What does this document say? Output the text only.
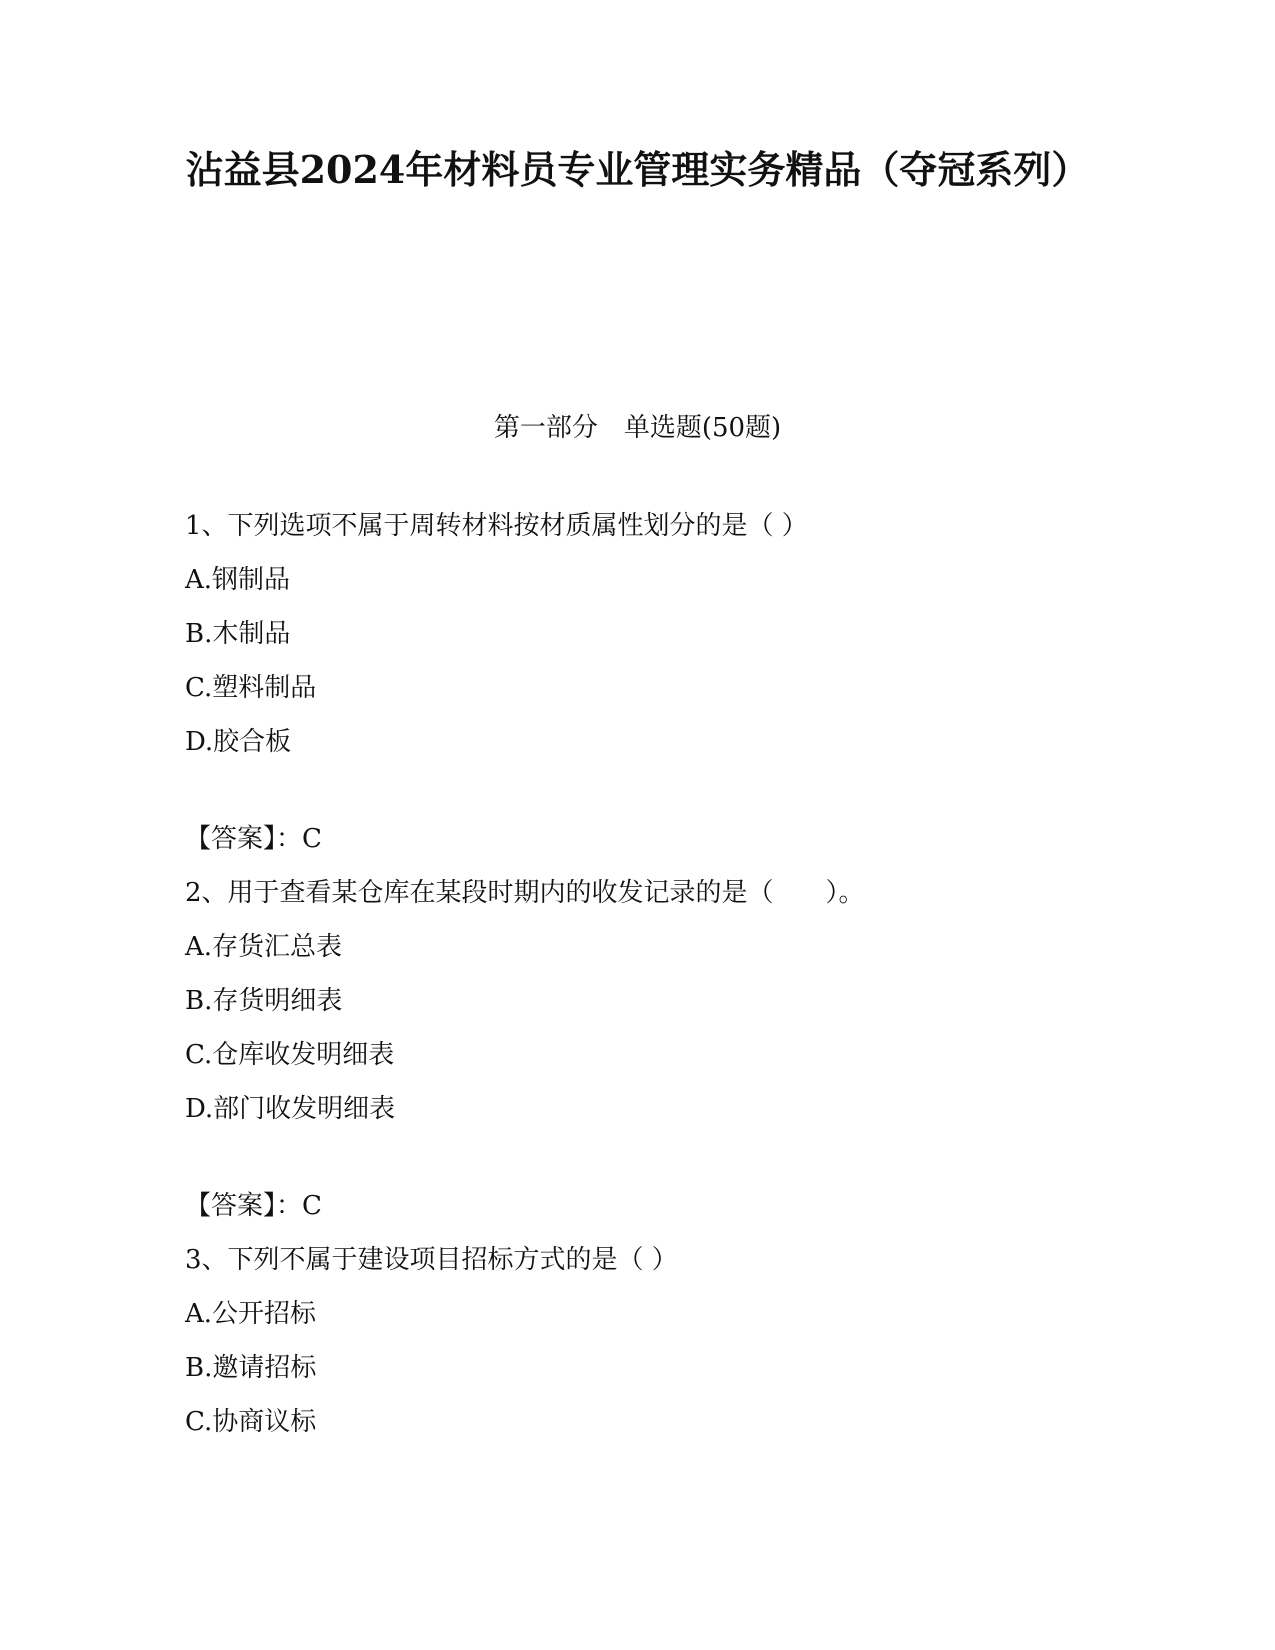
沾益县2024年材料员专业管理实务精品（夺冠系列）
第一部分　单选题(50题)
1、下列选项不属于周转材料按材质属性划分的是（ ）
A.钢制品
B.木制品
C.塑料制品
D.胶合板
【答案】：C
2、用于查看某仓库在某段时期内的收发记录的是（　　）。
A.存货汇总表
B.存货明细表
C.仓库收发明细表
D.部门收发明细表
【答案】：C
3、下列不属于建设项目招标方式的是（ ）
A.公开招标
B.邀请招标
C.协商议标
